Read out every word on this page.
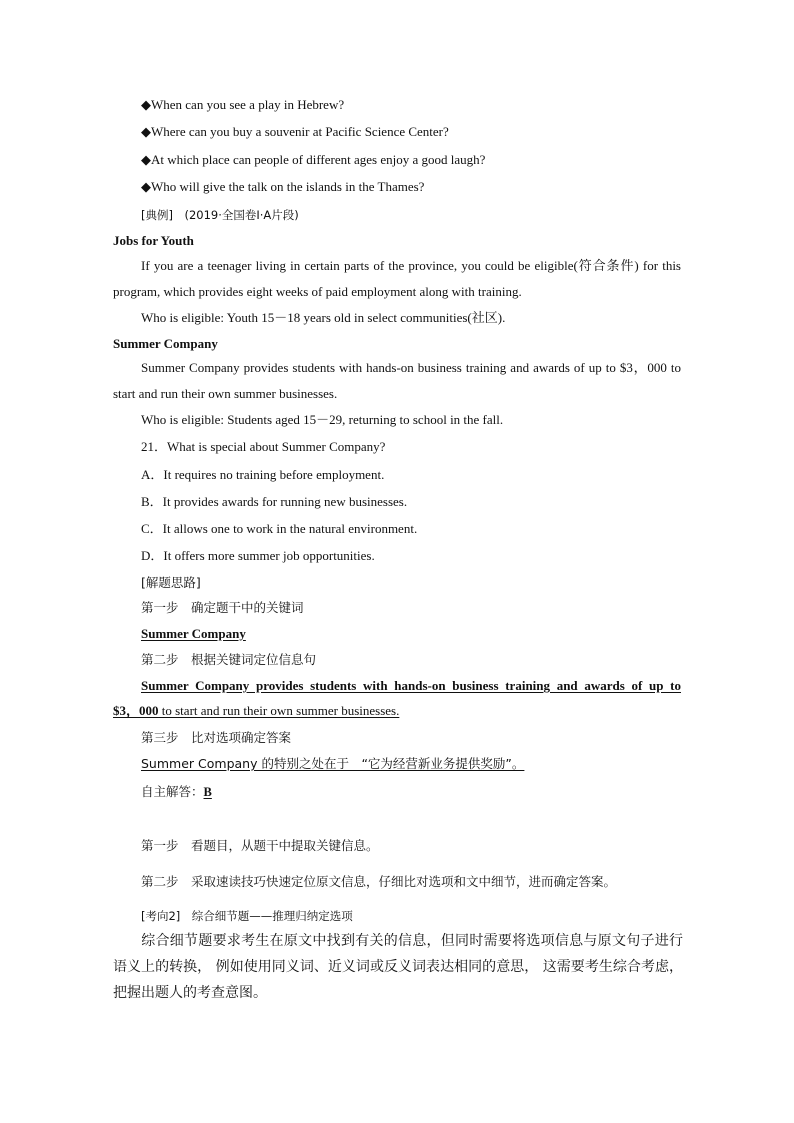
◆When can you see a play in Hebrew?
◆Where can you buy a souvenir at Pacific Science Center?
◆At which place can people of different ages enjoy a good laugh?
◆Who will give the talk on the islands in the Thames?
[典例]　(2019·全国卷Ⅰ·A片段)
Jobs for Youth
If you are a teenager living in certain parts of the province, you could be eligible(符合条件) for this program, which provides eight weeks of paid employment along with training.
Who is eligible: Youth 15－18 years old in select communities(社区).
Summer Company
Summer Company provides students with hands-on business training and awards of up to $3，000 to start and run their own summer businesses.
Who is eligible: Students aged 15－29, returning to school in the fall.
21．What is special about Summer Company?
A．It requires no training before employment.
B．It provides awards for running new businesses.
C．It allows one to work in the natural environment.
D．It offers more summer job opportunities.
[解题思路]
第一步　确定题干中的关键词
Summer Company
第二步　根据关键词定位信息句
Summer Company provides students with hands-on business training and awards of up to
$3，000 to start and run their own summer businesses.
第三步　比对选项确定答案
Summer Company 的特别之处在于　“它为经营新业务提供奖励”。
自主解答：B
第一步　看题目，从题干中提取关键信息。
第二步　采取速读技巧快速定位原文信息，仔细比对选项和文中细节，进而确定答案。
[考向2]　综合细节题——推理归纳定选项
综合细节题要求考生在原文中找到有关的信息，但同时需要将选项信息与原文句子进行语义上的转换， 例如使用同义词、近义词或反义词表达相同的意思， 这需要考生综合考虑，把握出题人的考查意图。
